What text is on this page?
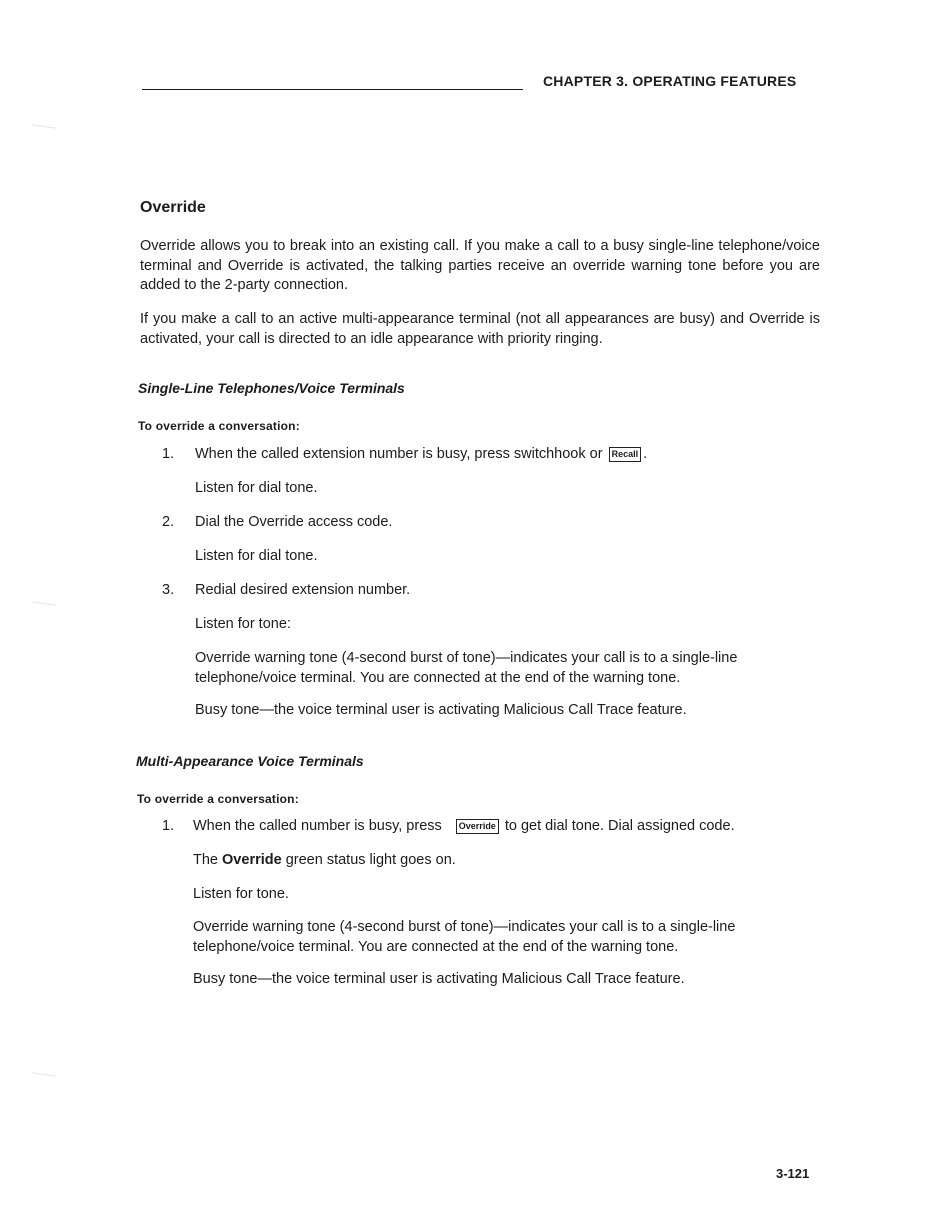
CHAPTER 3. OPERATING FEATURES
Override
Override allows you to break into an existing call. If you make a call to a busy single-line telephone/voice terminal and Override is activated, the talking parties receive an override warning tone before you are added to the 2-party connection.
If you make a call to an active multi-appearance terminal (not all appearances are busy) and Override is activated, your call is directed to an idle appearance with priority ringing.
Single-Line Telephones/Voice Terminals
To override a conversation:
1. When the called extension number is busy, press switchhook or Recall .
Listen for dial tone.
2. Dial the Override access code.
Listen for dial tone.
3. Redial desired extension number.
Listen for tone:
Override warning tone (4-second burst of tone)—indicates your call is to a single-line telephone/voice terminal. You are connected at the end of the warning tone.
Busy tone—the voice terminal user is activating Malicious Call Trace feature.
Multi-Appearance Voice Terminals
To override a conversation:
1. When the called number is busy, press Override to get dial tone. Dial assigned code.
The Override green status light goes on.
Listen for tone.
Override warning tone (4-second burst of tone)—indicates your call is to a single-line telephone/voice terminal. You are connected at the end of the warning tone.
Busy tone—the voice terminal user is activating Malicious Call Trace feature.
3-121
